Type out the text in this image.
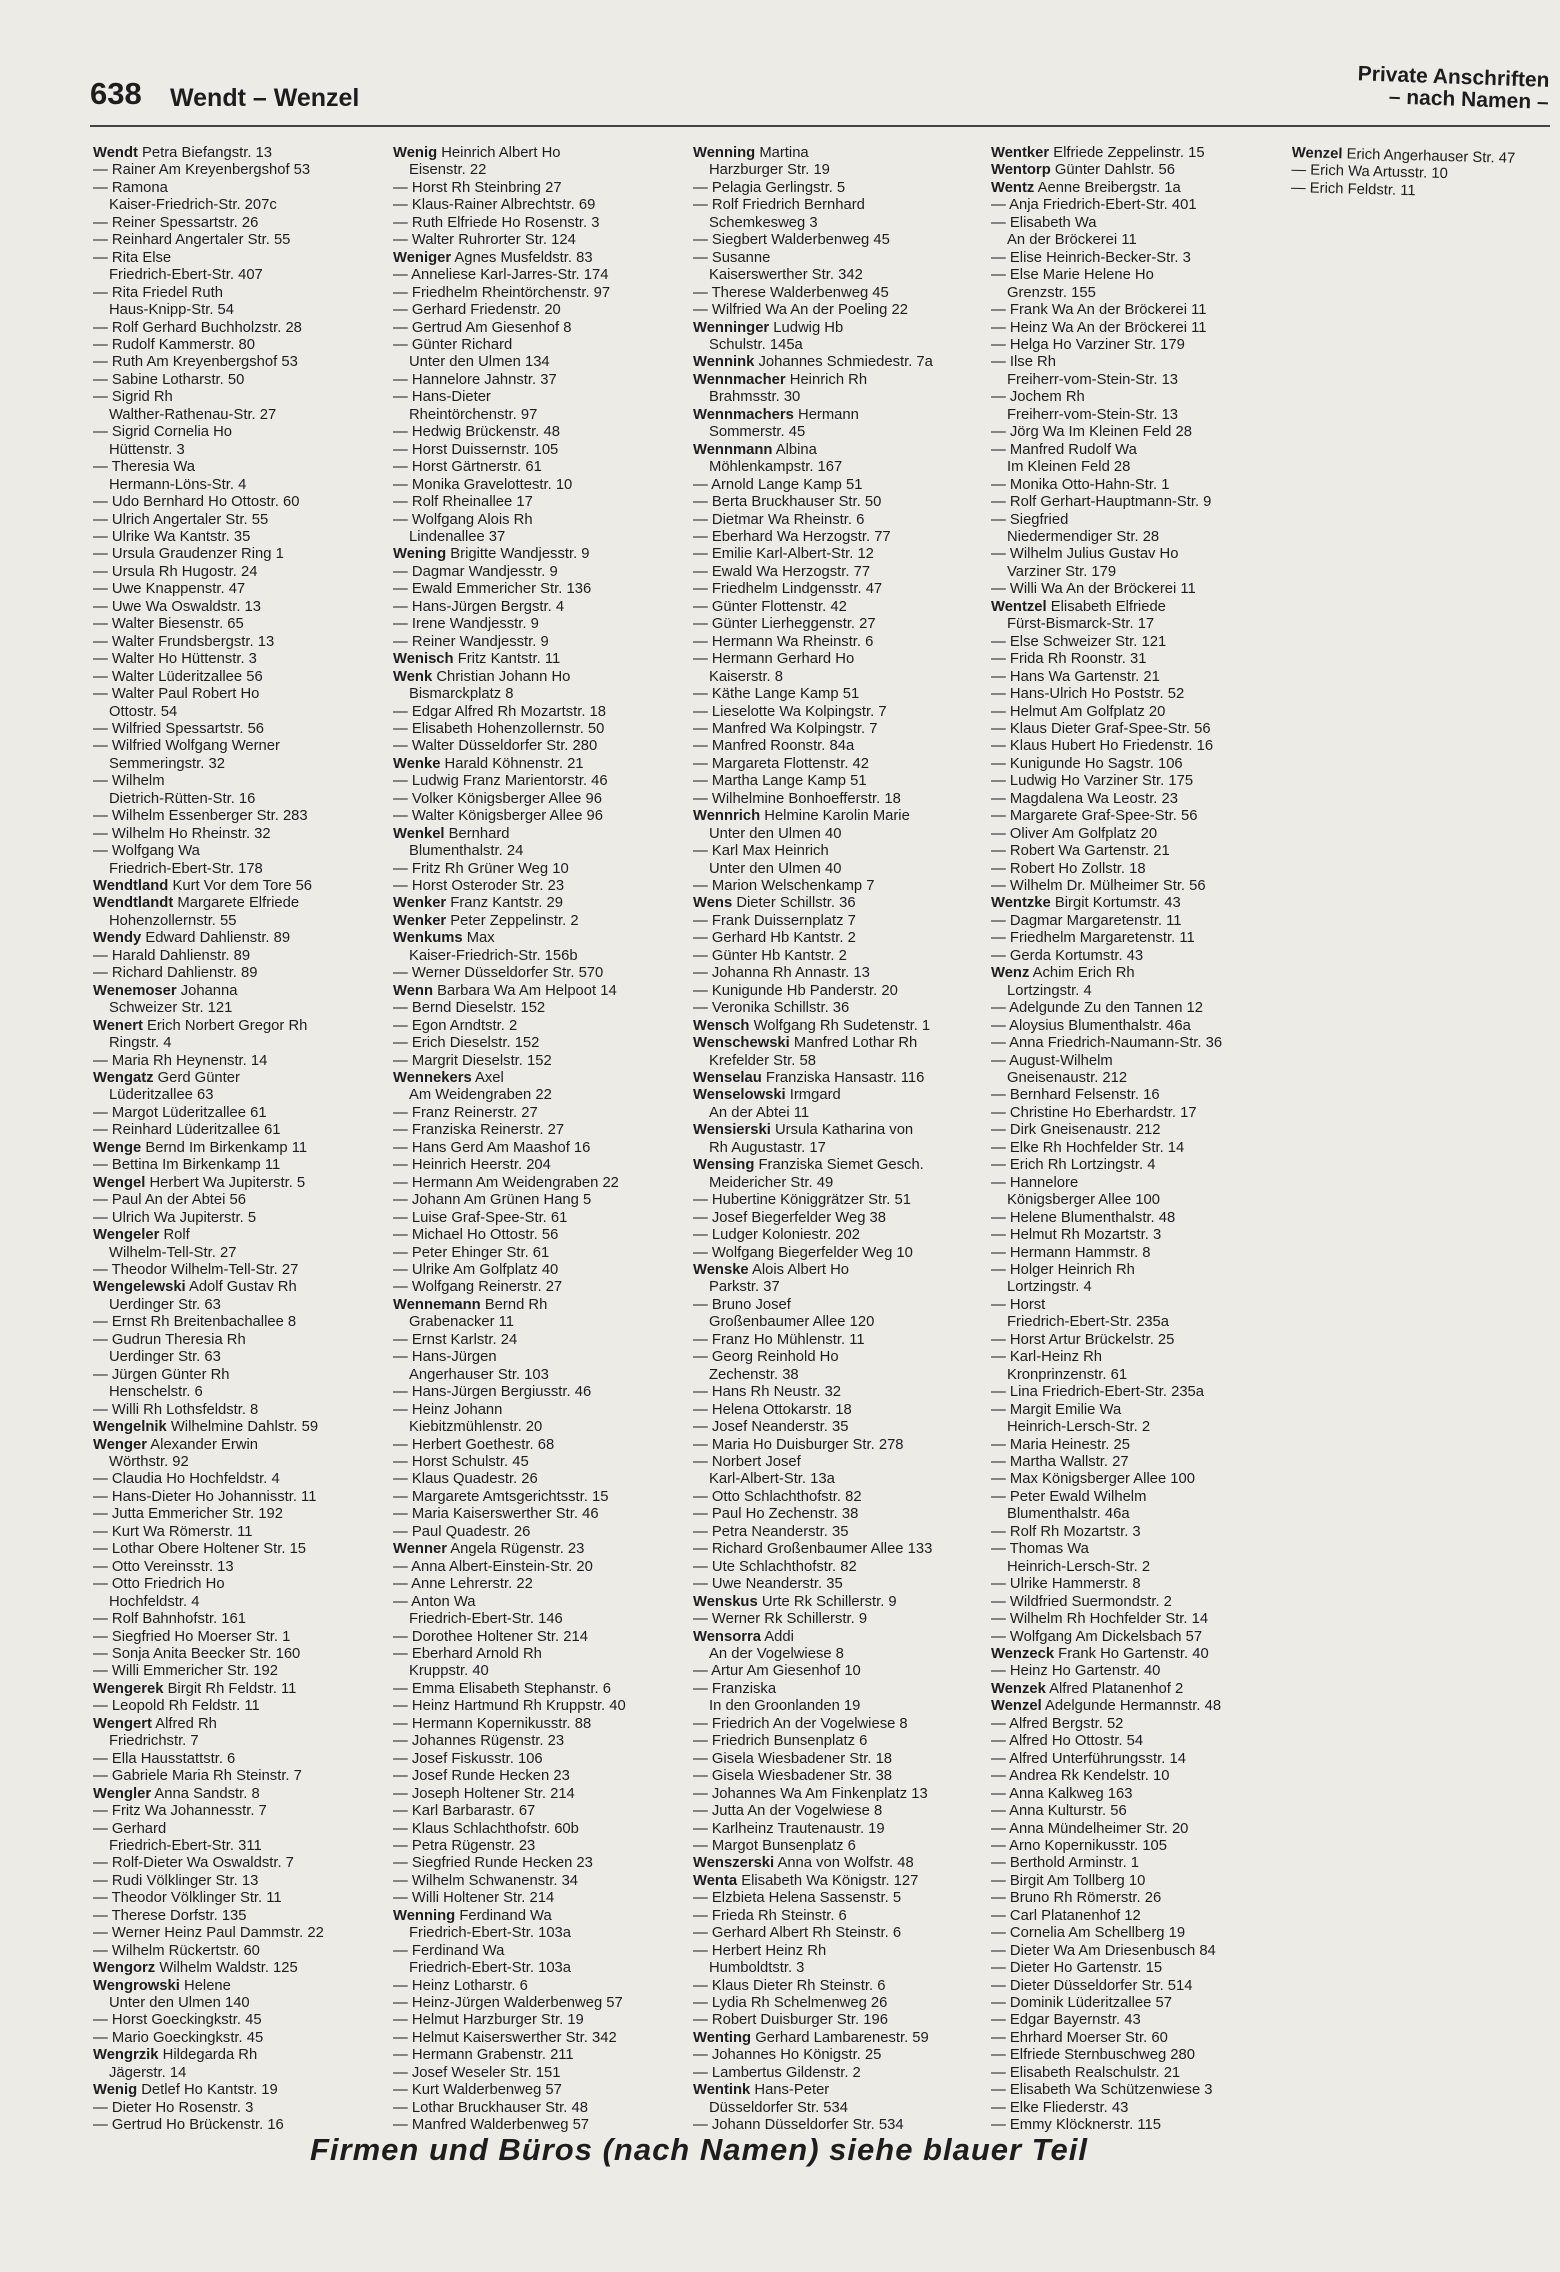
638 Wendt – Wenzel
Private Anschriften
– nach Namen –
Wendt Petra Biefangstr. 13
— Rainer Am Kreyenbergshof 53
— Ramona
Kaiser-Friedrich-Str. 207c
— Reiner Spessartstr. 26
— Reinhard Angertaler Str. 55
— Rita Else
Friedrich-Ebert-Str. 407
— Rita Friedel Ruth
Haus-Knipp-Str. 54
— Rolf Gerhard Buchholzstr. 28
— Rudolf Kammerstr. 80
— Ruth Am Kreyenbergshof 53
— Sabine Lotharstr. 50
— Sigrid Rh
Walther-Rathenau-Str. 27
— Sigrid Cornelia Ho
Hüttenstr. 3
— Theresia Wa
Hermann-Löns-Str. 4
— Udo Bernhard Ho Ottostr. 60
— Ulrich Angertaler Str. 55
— Ulrike Wa Kantstr. 35
— Ursula Graudenzer Ring 1
— Ursula Rh Hugostr. 24
— Uwe Knappenstr. 47
— Uwe Wa Oswaldstr. 13
— Walter Biesenstr. 65
— Walter Frundsbergstr. 13
— Walter Ho Hüttenstr. 3
— Walter Lüderitzallee 56
— Walter Paul Robert Ho
Ottostr. 54
— Wilfried Spessartstr. 56
— Wilfried Wolfgang Werner
Semmeringstr. 32
— Wilhelm
Dietrich-Rütten-Str. 16
— Wilhelm Essenberger Str. 283
— Wilhelm Ho Rheinstr. 32
— Wolfgang Wa
Friedrich-Ebert-Str. 178
Wendtland Kurt Vor dem Tore 56
Wendtlandt Margarete Elfriede
Hohenzollernstr. 55
Wendy Edward Dahlienstr. 89
— Harald Dahlienstr. 89
— Richard Dahlienstr. 89
Wenemoser Johanna
Schweizer Str. 121
Wenert Erich Norbert Gregor Rh
Ringstr. 4
— Maria Rh Heynenstr. 14
Wengatz Gerd Günter
Lüderitzallee 63
— Margot Lüderitzallee 61
— Reinhard Lüderitzallee 61
Wenge Bernd Im Birkenkamp 11
— Bettina Im Birkenkamp 11
Wengel Herbert Wa Jupiterstr. 5
— Paul An der Abtei 56
— Ulrich Wa Jupiterstr. 5
Wengeler Rolf
Wilhelm-Tell-Str. 27
— Theodor Wilhelm-Tell-Str. 27
Wengelewski Adolf Gustav Rh
Uerdinger Str. 63
— Ernst Rh Breitenbachallee 8
— Gudrun Theresia Rh
Uerdinger Str. 63
— Jürgen Günter Rh
Henschelstr. 6
— Willi Rh Lothsfeldstr. 8
Wengelnik Wilhelmine Dahlstr. 59
Wenger Alexander Erwin
Wörthstr. 92
— Claudia Ho Hochfeldstr. 4
— Hans-Dieter Ho Johannisstr. 11
— Jutta Emmericher Str. 192
— Kurt Wa Römerstr. 11
— Lothar Obere Holtener Str. 15
— Otto Vereinsstr. 13
— Otto Friedrich Ho
Hochfeldstr. 4
— Rolf Bahnhofstr. 161
— Siegfried Ho Moerser Str. 1
— Sonja Anita Beecker Str. 160
— Willi Emmericher Str. 192
Wengerek Birgit Rh Feldstr. 11
— Leopold Rh Feldstr. 11
Wengert Alfred Rh
Friedrichstr. 7
— Ella Hausstattstr. 6
— Gabriele Maria Rh Steinstr. 7
Wengler Anna Sandstr. 8
— Fritz Wa Johannesstr. 7
— Gerhard
Friedrich-Ebert-Str. 311
— Rolf-Dieter Wa Oswaldstr. 7
— Rudi Völklinger Str. 13
— Theodor Völklinger Str. 11
— Therese Dorfstr. 135
— Werner Heinz Paul Dammstr. 22
— Wilhelm Rückertstr. 60
Wengorz Wilhelm Waldstr. 125
Wengrowski Helene
Unter den Ulmen 140
— Horst Goeckingkstr. 45
— Mario Goeckingkstr. 45
Wengrzik Hildegarda Rh
Jägerstr. 14
Wenig Detlef Ho Kantstr. 19
— Dieter Ho Rosenstr. 3
— Gertrud Ho Brückenstr. 16
Wenig Heinrich Albert Ho
Eisenstr. 22
— Horst Rh Steinbring 27
— Klaus-Rainer Albrechtstr. 69
— Ruth Elfriede Ho Rosenstr. 3
— Walter Ruhrorter Str. 124
Weniger Agnes Musfeldstr. 83
— Anneliese Karl-Jarres-Str. 174
— Friedhelm Rheintörchenstr. 97
— Gerhard Friedenstr. 20
— Gertrud Am Giesenhof 8
— Günter Richard
Unter den Ulmen 134
— Hannelore Jahnstr. 37
— Hans-Dieter
Rheintörchenstr. 97
— Hedwig Brückenstr. 48
— Horst Duissernstr. 105
— Horst Gärtnerstr. 61
— Monika Gravelottestr. 10
— Rolf Rheinallee 17
— Wolfgang Alois Rh
Lindenallee 37
Wening Brigitte Wandjesstr. 9
— Dagmar Wandjesstr. 9
— Ewald Emmericher Str. 136
— Hans-Jürgen Bergstr. 4
— Irene Wandjesstr. 9
— Reiner Wandjesstr. 9
Wenisch Fritz Kantstr. 11
Wenk Christian Johann Ho
Bismarckplatz 8
— Edgar Alfred Rh Mozartstr. 18
— Elisabeth Hohenzollernstr. 50
— Walter Düsseldorfer Str. 280
Wenke Harald Köhnenstr. 21
— Ludwig Franz Marientorstr. 46
— Volker Königsberger Allee 96
— Walter Königsberger Allee 96
Wenkel Bernhard
Blumenthalstr. 24
— Fritz Rh Grüner Weg 10
— Horst Osteroder Str. 23
Wenker Franz Kantstr. 29
Wenker Peter Zeppelinstr. 2
Wenkums Max
Kaiser-Friedrich-Str. 156b
— Werner Düsseldorfer Str. 570
Wenn Barbara Wa Am Helpoot 14
— Bernd Dieselstr. 152
— Egon Arndtstr. 2
— Erich Dieselstr. 152
— Margrit Dieselstr. 152
Wennekers Axel
Am Weidengraben 22
— Franz Reinerstr. 27
— Franziska Reinerstr. 27
— Hans Gerd Am Maashof 16
— Heinrich Heerstr. 204
— Hermann Am Weidengraben 22
— Johann Am Grünen Hang 5
— Luise Graf-Spee-Str. 61
— Michael Ho Ottostr. 56
— Peter Ehinger Str. 61
— Ulrike Am Golfplatz 40
— Wolfgang Reinerstr. 27
Wennemann Bernd Rh
Grabenacker 11
— Ernst Karlstr. 24
— Hans-Jürgen
Angerhauser Str. 103
— Hans-Jürgen Bergiusstr. 46
— Heinz Johann
Kiebitzmühlenstr. 20
— Herbert Goethestr. 68
— Horst Schulstr. 45
— Klaus Quadestr. 26
— Margarete Amtsgerichtsstr. 15
— Maria Kaiserswerther Str. 46
— Paul Quadestr. 26
Wenner Angela Rügenstr. 23
— Anna Albert-Einstein-Str. 20
— Anne Lehrerstr. 22
— Anton Wa
Friedrich-Ebert-Str. 146
— Dorothee Holtener Str. 214
— Eberhard Arnold Rh
Kruppstr. 40
— Emma Elisabeth Stephanstr. 6
— Heinz Hartmund Rh Kruppstr. 40
— Hermann Kopernikusstr. 88
— Johannes Rügenstr. 23
— Josef Fiskusstr. 106
— Josef Runde Hecken 23
— Joseph Holtener Str. 214
— Karl Barbarastr. 67
— Klaus Schlachthofstr. 60b
— Petra Rügenstr. 23
— Siegfried Runde Hecken 23
— Wilhelm Schwanenstr. 34
— Willi Holtener Str. 214
Wenning Ferdinand Wa
Friedrich-Ebert-Str. 103a
— Ferdinand Wa
Friedrich-Ebert-Str. 103a
— Heinz Lotharstr. 6
— Heinz-Jürgen Walderbenweg 57
— Helmut Harzburger Str. 19
— Helmut Kaiserswerther Str. 342
— Hermann Grabenstr. 211
— Josef Weseler Str. 151
— Kurt Walderbenweg 57
— Lothar Bruckhauser Str. 48
— Manfred Walderbenweg 57
Wenning Martina
Harzburger Str. 19
— Pelagia Gerlingstr. 5
— Rolf Friedrich Bernhard
Schemkesweg 3
— Siegbert Walderbenweg 45
— Susanne
Kaiserswerther Str. 342
— Therese Walderbenweg 45
— Wilfried Wa An der Poeling 22
Wenninger Ludwig Hb
Schulstr. 145a
Wennink Johannes Schmiedestr. 7a
Wennmacher Heinrich Rh
Brahmsstr. 30
Wennmachers Hermann
Sommerstr. 45
Wennmann Albina
Möhlenkampstr. 167
— Arnold Lange Kamp 51
— Berta Bruckhauser Str. 50
— Dietmar Wa Rheinstr. 6
— Eberhard Wa Herzogstr. 77
— Emilie Karl-Albert-Str. 12
— Ewald Wa Herzogstr. 77
— Friedhelm Lindgensstr. 47
— Günter Flottenstr. 42
— Günter Lierheggenstr. 27
— Hermann Wa Rheinstr. 6
— Hermann Gerhard Ho
Kaiserstr. 8
— Käthe Lange Kamp 51
— Lieselotte Wa Kolpingstr. 7
— Manfred Wa Kolpingstr. 7
— Manfred Roonstr. 84a
— Margareta Flottenstr. 42
— Martha Lange Kamp 51
— Wilhelmine Bonhoefferstr. 18
Wennrich Helmine Karolin Marie
Unter den Ulmen 40
— Karl Max Heinrich
Unter den Ulmen 40
— Marion Welschenkamp 7
Wens Dieter Schillstr. 36
— Frank Duissernplatz 7
— Gerhard Hb Kantstr. 2
— Günter Hb Kantstr. 2
— Johanna Rh Annastr. 13
— Kunigunde Hb Panderstr. 20
— Veronika Schillstr. 36
Wensch Wolfgang Rh Sudetenstr. 1
Wenschewski Manfred Lothar Rh
Krefelder Str. 58
Wenselau Franziska Hansastr. 116
Wenselowski Irmgard
An der Abtei 11
Wensierski Ursula Katharina von
Rh Augustastr. 17
Wensing Franziska Siemet Gesch.
Meidericher Str. 49
— Hubertine Königgrätzer Str. 51
— Josef Biegerfelder Weg 38
— Ludger Koloniestr. 202
— Wolfgang Biegerfelder Weg 10
Wenske Alois Albert Ho
Parkstr. 37
— Bruno Josef
Großenbaumer Allee 120
— Franz Ho Mühlenstr. 11
— Georg Reinhold Ho
Zechenstr. 38
— Hans Rh Neustr. 32
— Helena Ottokarstr. 18
— Josef Neanderstr. 35
— Maria Ho Duisburger Str. 278
— Norbert Josef
Karl-Albert-Str. 13a
— Otto Schlachthofstr. 82
— Paul Ho Zechenstr. 38
— Petra Neanderstr. 35
— Richard Großenbaumer Allee 133
— Ute Schlachthofstr. 82
— Uwe Neanderstr. 35
Wenskus Urte Rk Schillerstr. 9
— Werner Rk Schillerstr. 9
Wensorra Addi
An der Vogelwiese 8
— Artur Am Giesenhof 10
— Franziska
In den Groonlanden 19
— Friedrich An der Vogelwiese 8
— Friedrich Bunsenplatz 6
— Gisela Wiesbadener Str. 18
— Gisela Wiesbadener Str. 38
— Johannes Wa Am Finkenplatz 13
— Jutta An der Vogelwiese 8
— Karlheinz Trautenaustr. 19
— Margot Bunsenplatz 6
Wenszerski Anna von Wolfstr. 48
Wenta Elisabeth Wa Königstr. 127
— Elzbieta Helena Sassenstr. 5
— Frieda Rh Steinstr. 6
— Gerhard Albert Rh Steinstr. 6
— Herbert Heinz Rh
Humboldtstr. 3
— Klaus Dieter Rh Steinstr. 6
— Lydia Rh Schelmenweg 26
— Robert Duisburger Str. 196
Wenting Gerhard Lambarenestr. 59
— Johannes Ho Königstr. 25
— Lambertus Gildenstr. 2
Wentink Hans-Peter
Düsseldorfer Str. 534
— Johann Düsseldorfer Str. 534
Wentker Elfriede Zeppelinstr. 15
Wentorp Günter Dahlstr. 56
Wentz Aenne Breibergstr. 1a
— Anja Friedrich-Ebert-Str. 401
— Elisabeth Wa
An der Bröckerei 11
— Elise Heinrich-Becker-Str. 3
— Else Marie Helene Ho
Grenzstr. 155
— Frank Wa An der Bröckerei 11
— Heinz Wa An der Bröckerei 11
— Helga Ho Varziner Str. 179
— Ilse Rh
Freiherr-vom-Stein-Str. 13
— Jochem Rh
Freiherr-vom-Stein-Str. 13
— Jörg Wa Im Kleinen Feld 28
— Manfred Rudolf Wa
Im Kleinen Feld 28
— Monika Otto-Hahn-Str. 1
— Rolf Gerhart-Hauptmann-Str. 9
— Siegfried
Niedermendiger Str. 28
— Wilhelm Julius Gustav Ho
Varziner Str. 179
— Willi Wa An der Bröckerei 11
Wentzel Elisabeth Elfriede
Fürst-Bismarck-Str. 17
— Else Schweizer Str. 121
— Frida Rh Roonstr. 31
— Hans Wa Gartenstr. 21
— Hans-Ulrich Ho Poststr. 52
— Helmut Am Golfplatz 20
— Klaus Dieter Graf-Spee-Str. 56
— Klaus Hubert Ho Friedenstr. 16
— Kunigunde Ho Sagstr. 106
— Ludwig Ho Varziner Str. 175
— Magdalena Wa Leostr. 23
— Margarete Graf-Spee-Str. 56
— Oliver Am Golfplatz 20
— Robert Wa Gartenstr. 21
— Robert Ho Zollstr. 18
— Wilhelm Dr. Mülheimer Str. 56
Wentzke Birgit Kortumstr. 43
— Dagmar Margaretenstr. 11
— Friedhelm Margaretenstr. 11
— Gerda Kortumstr. 43
Wenz Achim Erich Rh
Lortzingstr. 4
— Adelgunde Zu den Tannen 12
— Aloysius Blumenthalstr. 46a
— Anna Friedrich-Naumann-Str. 36
— August-Wilhelm
Gneisenaustr. 212
— Bernhard Felsenstr. 16
— Christine Ho Eberhardstr. 17
— Dirk Gneisenaustr. 212
— Elke Rh Hochfelder Str. 14
— Erich Rh Lortzingstr. 4
— Hannelore
Königsberger Allee 100
— Helene Blumenthalstr. 48
— Helmut Rh Mozartstr. 3
— Hermann Hammstr. 8
— Holger Heinrich Rh
Lortzingstr. 4
— Horst
Friedrich-Ebert-Str. 235a
— Horst Artur Brückelstr. 25
— Karl-Heinz Rh
Kronprinzenstr. 61
— Lina Friedrich-Ebert-Str. 235a
— Margit Emilie Wa
Heinrich-Lersch-Str. 2
— Maria Heinestr. 25
— Martha Wallstr. 27
— Max Königsberger Allee 100
— Peter Ewald Wilhelm
Blumenthalstr. 46a
— Rolf Rh Mozartstr. 3
— Thomas Wa
Heinrich-Lersch-Str. 2
— Ulrike Hammerstr. 8
— Wildfried Suermondstr. 2
— Wilhelm Rh Hochfelder Str. 14
— Wolfgang Am Dickelsbach 57
Wenzeck Frank Ho Gartenstr. 40
— Heinz Ho Gartenstr. 40
Wenzek Alfred Platanenhof 2
Wenzel Adelgunde Hermannstr. 48
— Alfred Bergstr. 52
— Alfred Ho Ottostr. 54
— Alfred Unterführungsstr. 14
— Andrea Rk Kendelstr. 10
— Anna Kalkweg 163
— Anna Kulturstr. 56
— Anna Mündelheimer Str. 20
— Arno Kopernikusstr. 105
— Berthold Arminstr. 1
— Birgit Am Tollberg 10
— Bruno Rh Römerstr. 26
— Carl Platanenhof 12
— Cornelia Am Schellberg 19
— Dieter Wa Am Driesenbusch 84
— Dieter Ho Gartenstr. 15
— Dieter Düsseldorfer Str. 514
— Dominik Lüderitzallee 57
— Edgar Bayernstr. 43
— Ehrhard Moerser Str. 60
— Elfriede Sternbuschweg 280
— Elisabeth Realschulstr. 21
— Elisabeth Wa Schützenwiese 3
— Elke Fliederstr. 43
— Emmy Klöcknerstr. 115
Wenzel Erich Angerhauser Str. 47
— Erich Wa Artusstr. 10
— Erich Feldstr. 11
Firmen und Büros (nach Namen) siehe blauer Teil
